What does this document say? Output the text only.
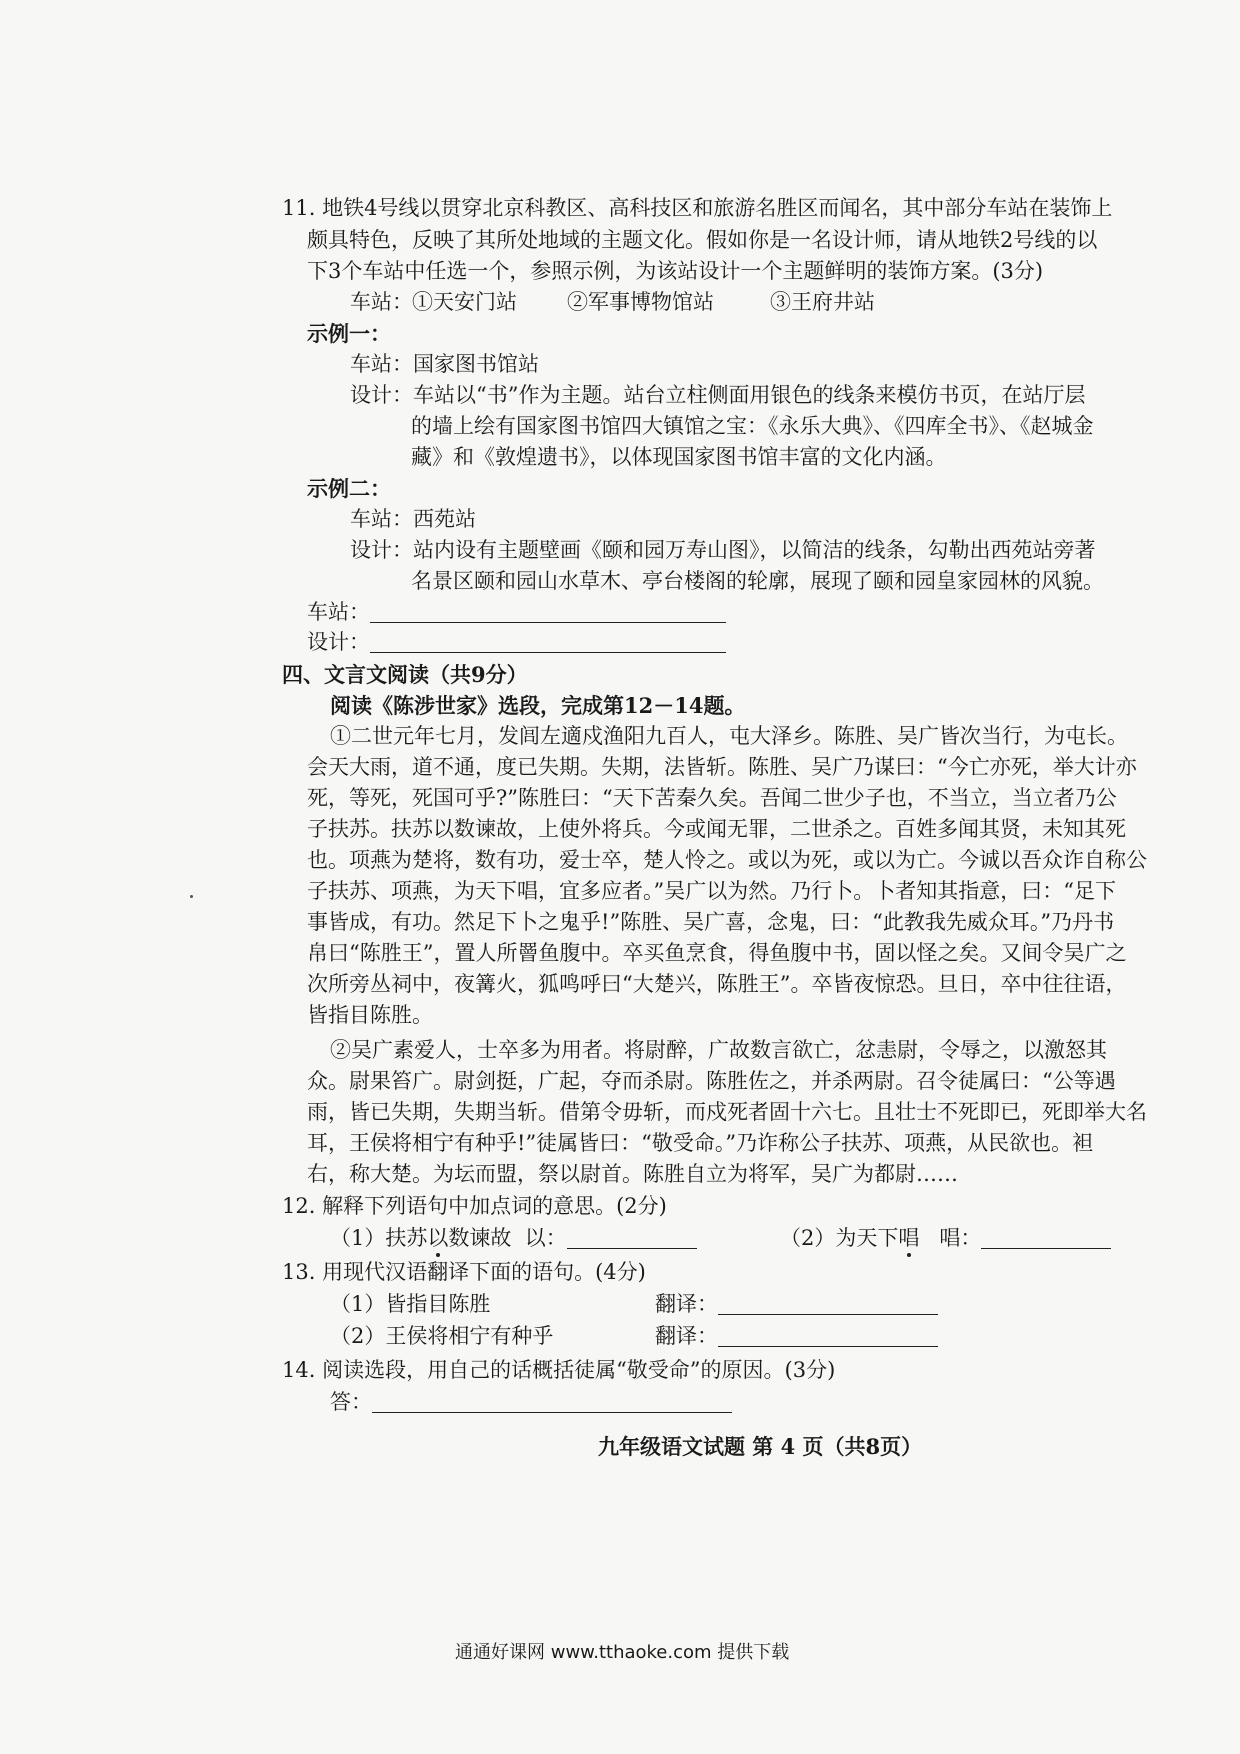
11. 地铁4号线以贯穿北京科教区、高科技区和旅游名胜区而闻名，其中部分车站在装饰上
颇具特色，反映了其所处地域的主题文化。假如你是一名设计师，请从地铁2号线的以
下3个车站中任选一个，参照示例，为该站设计一个主题鲜明的装饰方案。(3分)
车站： ①天安门站 ②军事博物馆站	③王府井站
示例一：
车站：国家图书馆站
设计：车站以“书”作为主题。站台立柱侧面用银色的线条来模仿书页，在站厅层
的墙上绘有国家图书馆四大镇馆之宝：《永乐大典》、《四库全书》、《赵城金
藏》和《敦煌遗书》，以体现国家图书馆丰富的文化内涵。
示例二：
车站：西苑站
设计：站内设有主题壁画《颐和园万寿山图》，以简洁的线条，勾勒出西苑站旁著
名景区颐和园山水草木、亭台楼阁的轮廓，展现了颐和园皇家园林的风貌。
车站：
设计：
四、文言文阅读（共9分）
阅读《陈涉世家》选段，完成第12－14题。
①二世元年七月，发闾左適戍渔阳九百人，屯大泽乡。陈胜、吴广皆次当行，为屯长。
会天大雨，道不通，度已失期。失期，法皆斩。陈胜、吴广乃谋曰：“今亡亦死，举大计亦
死，等死，死国可乎?”陈胜曰：“天下苦秦久矣。吾闻二世少子也，不当立，当立者乃公
子扶苏。扶苏以数谏故，上使外将兵。今或闻无罪，二世杀之。百姓多闻其贤，未知其死
也。项燕为楚将，数有功，爱士卒，楚人怜之。或以为死，或以为亡。今诚以吾众诈自称公
子扶苏、项燕，为天下唱，宜多应者。”吴广以为然。乃行卜。卜者知其指意，曰：“足下
事皆成，有功。然足下卜之鬼乎!”陈胜、吴广喜，念鬼，曰：“此教我先威众耳。”乃丹书
帛曰“陈胜王”，置人所罾鱼腹中。卒买鱼烹食，得鱼腹中书，固以怪之矣。又间令吴广之
次所旁丛祠中，夜篝火，狐鸣呼曰“大楚兴，陈胜王”。卒皆夜惊恐。旦日，卒中往往语，
皆指目陈胜。
②吴广素爱人，士卒多为用者。将尉醉，广故数言欲亡，忿恚尉，令辱之，以激怒其
众。尉果笞广。尉剑挺，广起，夺而杀尉。陈胜佐之，并杀两尉。召令徒属曰：“公等遇
雨，皆已失期，失期当斩。借第令毋斩，而戍死者固十六七。且壮士不死即已，死即举大名
耳，王侯将相宁有种乎!”徒属皆曰：“敬受命。”乃诈称公子扶苏、项燕，从民欲也。袒
右，称大楚。为坛而盟，祭以尉首。陈胜自立为将军，吴广为都尉……
12. 解释下列语句中加点词的意思。(2分)
（1）扶苏以数谏故 以：	（2）为天下唱 唱：
13. 用现代汉语翻译下面的语句。(4分)
（1）皆指目陈胜	翻译：
（2）王侯将相宁有种乎	翻译：
14. 阅读选段，用自己的话概括徒属“敬受命”的原因。(3分)
答：
九年级语文试题 第 4 页（共8页）
通通好课网 www.tthaoke.com 提供下载
